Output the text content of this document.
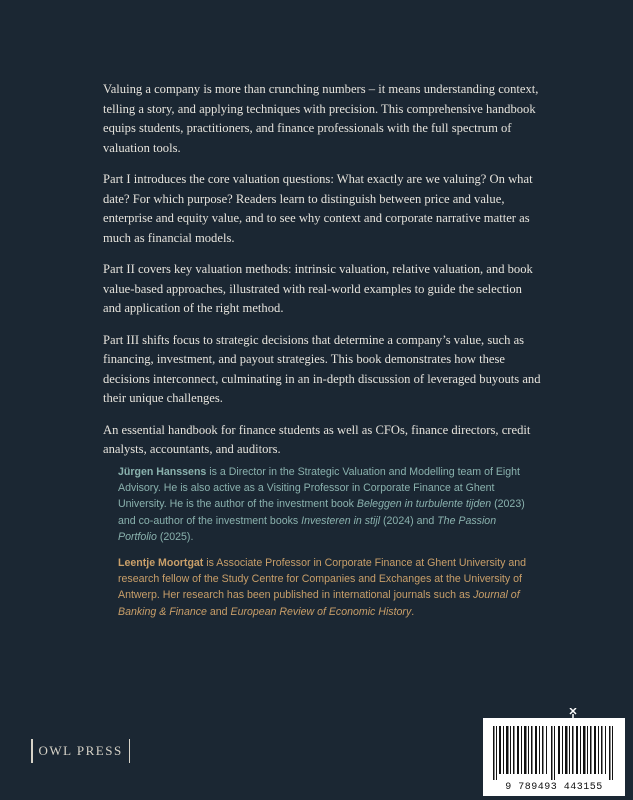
Valuing a company is more than crunching numbers – it means understanding context, telling a story, and applying techniques with precision. This comprehensive handbook equips students, practitioners, and finance professionals with the full spectrum of valuation tools.

Part I introduces the core valuation questions: What exactly are we valuing? On what date? For which purpose? Readers learn to distinguish between price and value, enterprise and equity value, and to see why context and corporate narrative matter as much as financial models.

Part II covers key valuation methods: intrinsic valuation, relative valuation, and book value-based approaches, illustrated with real-world examples to guide the selection and application of the right method.

Part III shifts focus to strategic decisions that determine a company’s value, such as financing, investment, and payout strategies. This book demonstrates how these decisions interconnect, culminating in an in-depth discussion of leveraged buyouts and their unique challenges.

An essential handbook for finance students as well as CFOs, finance directors, credit analysts, accountants, and auditors.

Jürgen Hanssens is a Director in the Strategic Valuation and Modelling team of Eight Advisory. He is also active as a Visiting Professor in Corporate Finance at Ghent University. He is the author of the investment book Beleggen in turbulente tijden (2023) and co-author of the investment books Investeren in stijl (2024) and The Passion Portfolio (2025).

Leentje Moortgat is Associate Professor in Corporate Finance at Ghent University and research fellow of the Study Centre for Companies and Exchanges at the University of Antwerp. Her research has been published in international journals such as Journal of Banking & Finance and European Review of Economic History.

OWL PRESS
9 789493 443155
